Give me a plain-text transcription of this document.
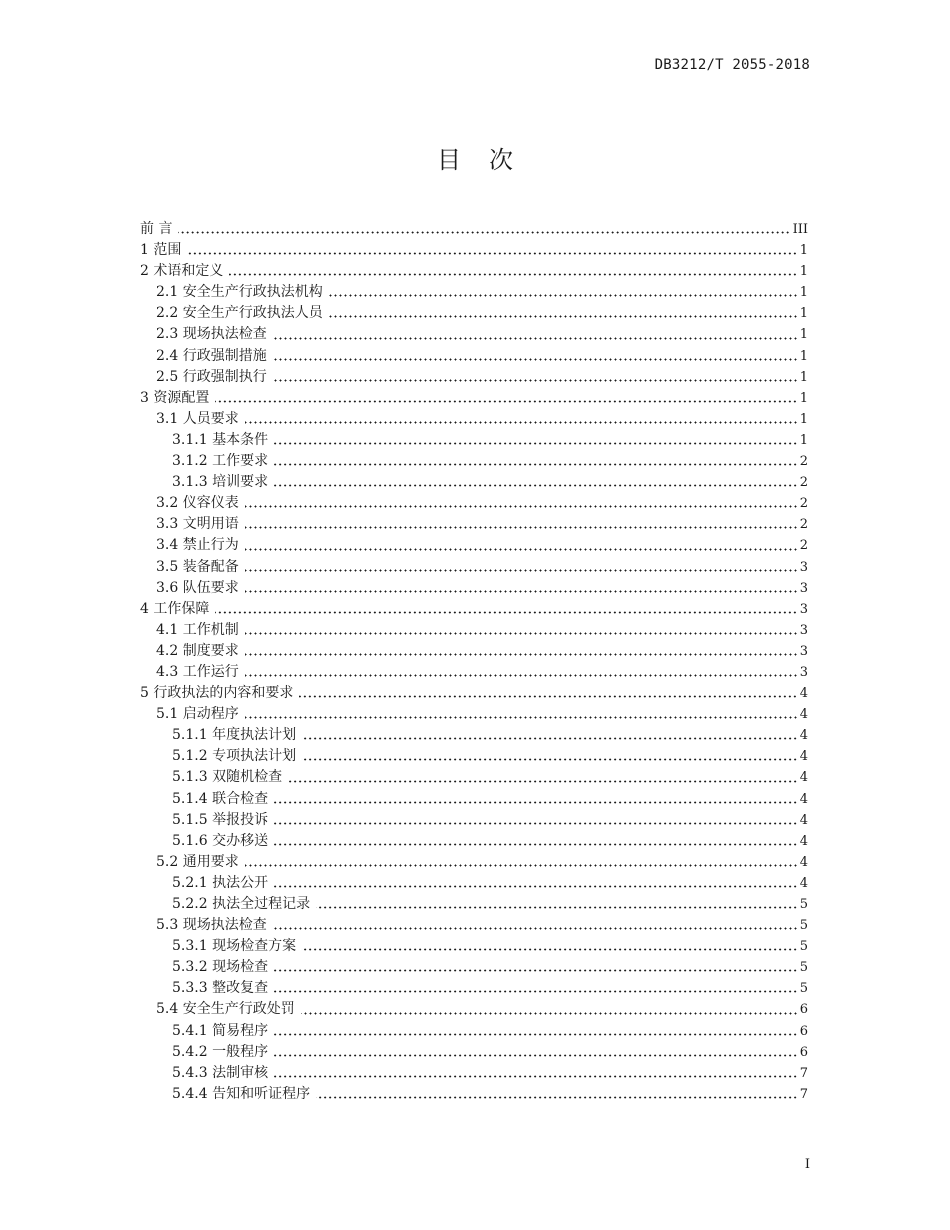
DB3212/T 2055-2018
目次
前 言	III
1 范围	1
2 术语和定义	1
2.1 安全生产行政执法机构	1
2.2 安全生产行政执法人员	1
2.3 现场执法检查	1
2.4 行政强制措施	1
2.5 行政强制执行	1
3 资源配置	1
3.1 人员要求	1
3.1.1 基本条件	1
3.1.2 工作要求	2
3.1.3 培训要求	2
3.2 仪容仪表	2
3.3 文明用语	2
3.4 禁止行为	2
3.5 装备配备	3
3.6 队伍要求	3
4 工作保障	3
4.1 工作机制	3
4.2 制度要求	3
4.3 工作运行	3
5 行政执法的内容和要求	4
5.1 启动程序	4
5.1.1 年度执法计划	4
5.1.2 专项执法计划	4
5.1.3 双随机检查	4
5.1.4 联合检查	4
5.1.5 举报投诉	4
5.1.6 交办移送	4
5.2 通用要求	4
5.2.1 执法公开	4
5.2.2 执法全过程记录	5
5.3 现场执法检查	5
5.3.1 现场检查方案	5
5.3.2 现场检查	5
5.3.3 整改复查	5
5.4 安全生产行政处罚	6
5.4.1 简易程序	6
5.4.2 一般程序	6
5.4.3 法制审核	7
5.4.4 告知和听证程序	7
I
